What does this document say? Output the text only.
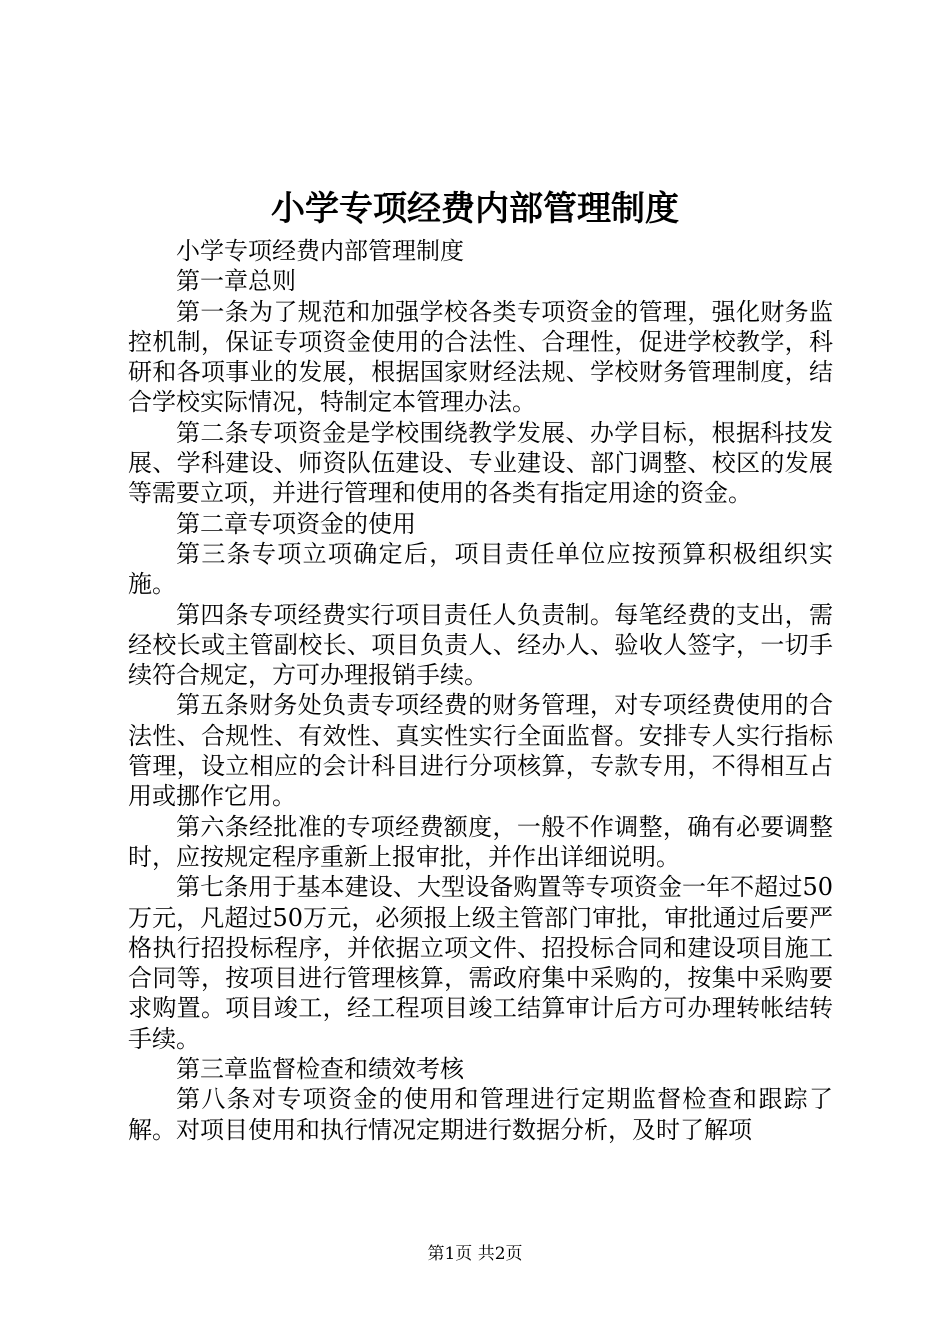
小学专项经费内部管理制度

小学专项经费内部管理制度

第一章总则

第一条为了规范和加强学校各类专项资金的管理，强化财务监控机制，保证专项资金使用的合法性、合理性，促进学校教学，科研和各项事业的发展，根据国家财经法规、学校财务管理制度，结合学校实际情况，特制定本管理办法。

第二条专项资金是学校围绕教学发展、办学目标，根据科技发展、学科建设、师资队伍建设、专业建设、部门调整、校区的发展等需要立项，并进行管理和使用的各类有指定用途的资金。

第二章专项资金的使用

第三条专项立项确定后，项目责任单位应按预算积极组织实施。

第四条专项经费实行项目责任人负责制。每笔经费的支出，需经校长或主管副校长、项目负责人、经办人、验收人签字，一切手续符合规定，方可办理报销手续。

第五条财务处负责专项经费的财务管理，对专项经费使用的合法性、合规性、有效性、真实性实行全面监督。安排专人实行指标管理，设立相应的会计科目进行分项核算，专款专用，不得相互占用或挪作它用。

第六条经批准的专项经费额度，一般不作调整，确有必要调整时，应按规定程序重新上报审批，并作出详细说明。

第七条用于基本建设、大型设备购置等专项资金一年不超过50万元，凡超过50万元，必须报上级主管部门审批，审批通过后要严格执行招投标程序，并依据立项文件、招投标合同和建设项目施工合同等，按项目进行管理核算，需政府集中采购的，按集中采购要求购置。项目竣工，经工程项目竣工结算审计后方可办理转帐结转手续。

第三章监督检查和绩效考核

第八条对专项资金的使用和管理进行定期监督检查和跟踪了解。对项目使用和执行情况定期进行数据分析，及时了解项

第1页 共2页
